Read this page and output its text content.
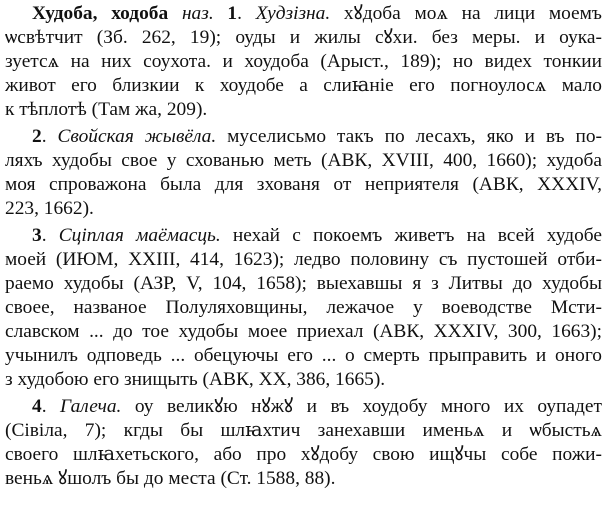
Худоба, ходоба наз. 1. Худзізна. хꙋдоба моѧ на лици моемъ
ѡсвѣтчит (Зб. 262, 19); оуды и жилы сꙋхи. без меры. и оука-
зуетсѧ на них соухота. и хоудоба (Арыст., 189); но видех тонкии
живот его близкии к хоудобе а слиꙗніе его погноулосѧ мало
к тѣплотѣ (Там жа, 209).
2. Свойская жывёла. муселисьмо такъ по лесахъ, яко и въ по-
ляхъ худобы свое у схованью меть (АВК, XVIII, 400, 1660); худоба
моя спроважона была для зхованя от неприятеля (АВК, XXXIV,
223, 1662).
3. Сціплая маёмасць. нехай с покоемъ живетъ на всей худобе
моей (ИЮМ, XXIII, 414, 1623); ледво половину съ пустошей отби-
раемо худобы (АЗР, V, 104, 1658); выехавшы я з Литвы до худобы
своее, названое Полуляховщины, лежачое у воеводстве Мсти-
славском ... до тое худобы моее приехал (АВК, XXXIV, 300, 1663);
учынилъ одповедь ... обецуючы его ... о смерть прыправить и оного
з худобою его знищыть (АВК, XX, 386, 1665).
4. Галеча. оу великꙋю нꙋжꙋ и въ хоудобу много их оупадет
(Сівіла, 7); кгды бы шлꙗхтич занехавши именьѧ и ѡбыстьѧ
своего шлꙗхетьского, або про хꙋдобу свою ищꙋчы собе пожи-
веньѧ ꙋшолъ бы до места (Ст. 1588, 88).
